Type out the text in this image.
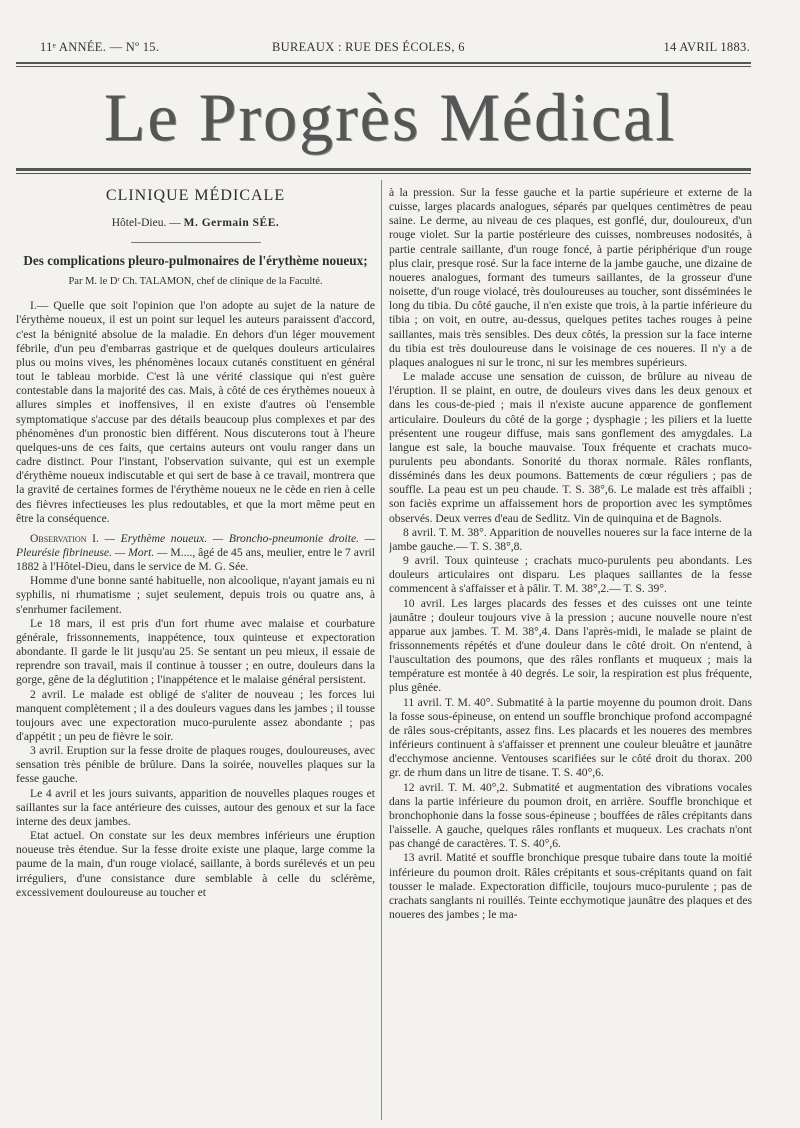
11ᵉ ANNÉE. — Nº 15.	BUREAUX : RUE DES ÉCOLES, 6	14 AVRIL 1883.
Le Progrès Médical
CLINIQUE MÉDICALE
Hôtel-Dieu. — M. Germain SÉE.
Des complications pleuro-pulmonaires de l'érythème noueux;
Par M. le Dʳ Ch. TALAMON, chef de clinique de la Faculté.

I.— Quelle que soit l'opinion que l'on adopte au sujet de la nature de l'érythème noueux, il est un point sur lequel les auteurs paraissent d'accord, c'est la bénignité absolue de la maladie. En dehors d'un léger mouvement fébrile, d'un peu d'embarras gastrique et de quelques douleurs articulaires plus ou moins vives, les phénomènes locaux cutanés constituent en général tout le tableau morbide. C'est là une vérité classique qui n'est guère contestable dans la majorité des cas. Mais, à côté de ces érythèmes noueux à allures simples et inoffensives, il en existe d'autres où l'ensemble symptomatique s'accuse par des détails beaucoup plus complexes et par des phénomènes d'un pronostic bien différent. Nous discuterons tout à l'heure quelques-uns de ces faits, que certains auteurs ont voulu ranger dans un cadre distinct. Pour l'instant, l'observation suivante, qui est un exemple d'érythème noueux indiscutable et qui sert de base à ce travail, montrera que la gravité de certaines formes de l'érythème noueux ne le cède en rien à celle des fièvres infectieuses les plus redoutables, et que la mort même peut en être la conséquence.

Observation I. — Erythème noueux. — Broncho-pneumonie droite. — Pleurésie fibrineuse. — Mort. — M...., âgé de 45 ans, meulier, entre le 7 avril 1882 à l'Hôtel-Dieu, dans le service de M. G. Sée.

Homme d'une bonne santé habituelle, non alcoolique, n'ayant jamais eu ni syphilis, ni rhumatisme ; sujet seulement, depuis trois ou quatre ans, à s'enrhumer facilement.

Le 18 mars, il est pris d'un fort rhume avec malaise et courbature générale, frissonnements, inappétence, toux quinteuse et expectoration abondante. Il garde le lit jusqu'au 25. Se sentant un peu mieux, il essaie de reprendre son travail, mais il continue à tousser ; en outre, douleurs dans la gorge, gêne de la déglutition ; l'inappétence et le malaise général persistent.

2 avril. Le malade est obligé de s'aliter de nouveau ; les forces lui manquent complètement ; il a des douleurs vagues dans les jambes ; il tousse toujours avec une expectoration muco-purulente assez abondante ; pas d'appétit ; un peu de fièvre le soir.

3 avril. Eruption sur la fesse droite de plaques rouges, douloureuses, avec sensation très pénible de brûlure. Dans la soirée, nouvelles plaques sur la fesse gauche.

Le 4 avril et les jours suivants, apparition de nouvelles plaques rouges et saillantes sur la face antérieure des cuisses, autour des genoux et sur la face interne des deux jambes.

Etat actuel. On constate sur les deux membres inférieurs une éruption noueuse très étendue. Sur la fesse droite existe une plaque, large comme la paume de la main, d'un rouge violacé, saillante, à bords surélevés et un peu irréguliers, d'une consistance dure semblable à celle du sclérème, excessivement douloureuse au toucher et

à la pression. Sur la fesse gauche et la partie supérieure et externe de la cuisse, larges placards analogues, séparés par quelques centimètres de peau saine. Le derme, au niveau de ces plaques, est gonflé, dur, douloureux, d'un rouge violet. Sur la partie postérieure des cuisses, nombreuses nodosités, à partie centrale saillante, d'un rouge foncé, à partie périphérique d'un rouge plus clair, presque rosé. Sur la face interne de la jambe gauche, une dizaine de noueres analogues, formant des tumeurs saillantes, de la grosseur d'une noisette, d'un rouge violacé, très douloureuses au toucher, sont disséminées le long du tibia. Du côté gauche, il n'en existe que trois, à la partie inférieure du tibia ; on voit, en outre, au-dessus, quelques petites taches rouges à peine saillantes, mais très sensibles. Des deux côtés, la pression sur la face interne du tibia est très douloureuse dans le voisinage de ces noueres. Il n'y a de plaques analogues ni sur le tronc, ni sur les membres supérieurs.

Le malade accuse une sensation de cuisson, de brûlure au niveau de l'éruption. Il se plaint, en outre, de douleurs vives dans les deux genoux et dans les cous-de-pied ; mais il n'existe aucune apparence de gonflement articulaire. Douleurs du côté de la gorge ; dysphagie ; les piliers et la luette présentent une rougeur diffuse, mais sans gonflement des amygdales. La langue est sale, la bouche mauvaise. Toux fréquente et crachats muco-purulents peu abondants. Sonorité du thorax normale. Râles ronflants, disséminés dans les deux poumons. Battements de cœur réguliers ; pas de souffle. La peau est un peu chaude. T. S. 38°,6. Le malade est très affaibli ; son faciès exprime un affaissement hors de proportion avec les symptômes observés. Deux verres d'eau de Sedlitz. Vin de quinquina et de Bagnols.

8 avril. T. M. 38°. Apparition de nouvelles noueres sur la face interne de la jambe gauche.— T. S. 38°,8.

9 avril. Toux quinteuse ; crachats muco-purulents peu abondants. Les douleurs articulaires ont disparu. Les plaques saillantes de la fesse commencent à s'affaisser et à pâlir. T. M. 38°,2.— T. S. 39°.

10 avril. Les larges placards des fesses et des cuisses ont une teinte jaunâtre ; douleur toujours vive à la pression ; aucune nouvelle noure n'est apparue aux jambes. T. M. 38°,4. Dans l'après-midi, le malade se plaint de frissonnements répétés et d'une douleur dans le côté droit. On n'entend, à l'auscultation des poumons, que des râles ronflants et muqueux ; mais la température est montée à 40 degrés. Le soir, la respiration est plus fréquente, plus gênée.

11 avril. T. M. 40°. Submatité à la partie moyenne du poumon droit. Dans la fosse sous-épineuse, on entend un souffle bronchique profond accompagné de râles sous-crépitants, assez fins. Les placards et les noueres des membres inférieurs continuent à s'affaisser et prennent une couleur bleuâtre et jaunâtre d'ecchymose ancienne. Ventouses scarifiées sur le côté droit du thorax. 200 gr. de rhum dans un litre de tisane. T. S. 40°,6.

12 avril. T. M. 40°,2. Submatité et augmentation des vibrations vocales dans la partie inférieure du poumon droit, en arrière. Souffle bronchique et bronchophonie dans la fosse sous-épineuse ; bouffées de râles crépitants dans l'aisselle. A gauche, quelques râles ronflants et muqueux. Les crachats n'ont pas changé de caractères. T. S. 40°,6.

13 avril. Matité et souffle bronchique presque tubaire dans toute la moitié inférieure du poumon droit. Râles crépitants et sous-crépitants quand on fait tousser le malade. Expectoration difficile, toujours muco-purulente ; pas de crachats sanglants ni rouillés. Teinte ecchymotique jaunâtre des plaques et des noueres des jambes ; le ma-
